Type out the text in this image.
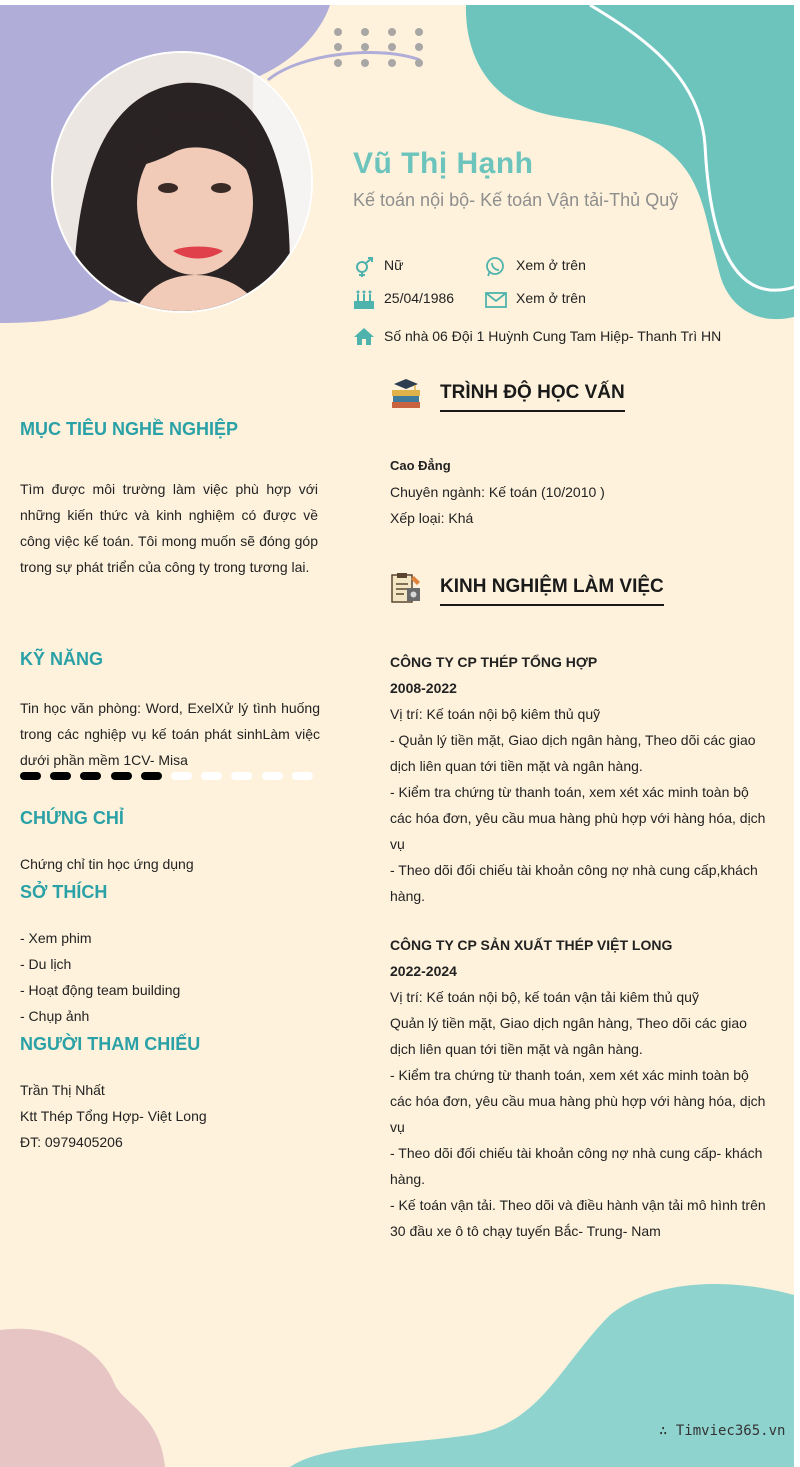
Vũ Thị Hạnh
Kế toán nội bộ- Kế toán Vận tải-Thủ Quỹ
Nữ	Xem ở trên
25/04/1986	Xem ở trên
Số nhà 06 Đội 1 Huỳnh Cung Tam Hiệp- Thanh Trì HN
MỤC TIÊU NGHỀ NGHIỆP
Tìm được môi trường làm việc phù hợp với những kiến thức và kinh nghiệm có được về công việc kế toán. Tôi mong muốn sẽ đóng góp trong sự phát triển của công ty trong tương lai.
KỸ NĂNG
Tin học văn phòng: Word, ExelXử lý tình huống trong các nghiệp vụ kế toán phát sinhLàm việc dưới phần mềm 1CV- Misa
CHỨNG CHỈ
Chứng chỉ tin học ứng dụng
SỞ THÍCH
- Xem phim
- Du lịch
- Hoạt động team building
- Chụp ảnh
NGƯỜI THAM CHIẾU
Trần Thị Nhất
Ktt Thép Tổng Hợp- Việt Long
ĐT: 0979405206
TRÌNH ĐỘ HỌC VẤN
Cao Đẳng
Chuyên ngành: Kế toán (10/2010 )
Xếp loại: Khá
KINH NGHIỆM LÀM VIỆC
CÔNG TY CP THÉP TỔNG HỢP
2008-2022
Vị trí: Kế toán nội bộ kiêm thủ quỹ
- Quản lý tiền mặt, Giao dịch ngân hàng, Theo dõi các giao dịch liên quan tới tiền mặt và ngân hàng.
- Kiểm tra chứng từ thanh toán, xem xét xác minh toàn bộ các hóa đơn, yêu cầu mua hàng phù hợp với hàng hóa, dịch vụ
- Theo dõi đối chiếu tài khoản công nợ nhà cung cấp,khách hàng.
CÔNG TY CP SẢN XUẤT THÉP VIỆT LONG
2022-2024
Vị trí: Kế toán nội bộ, kế toán vận tải kiêm thủ quỹ
Quản lý tiền mặt, Giao dịch ngân hàng, Theo dõi các giao dịch liên quan tới tiền mặt và ngân hàng.
- Kiểm tra chứng từ thanh toán, xem xét xác minh toàn bộ các hóa đơn, yêu cầu mua hàng phù hợp với hàng hóa, dịch vụ
- Theo dõi đối chiếu tài khoản công nợ nhà cung cấp- khách hàng.
- Kế toán vận tải. Theo dõi và điều hành vận tải mô hình trên 30 đầu xe ô tô chạy tuyến Bắc- Trung- Nam
∴ Timviec365.vn
